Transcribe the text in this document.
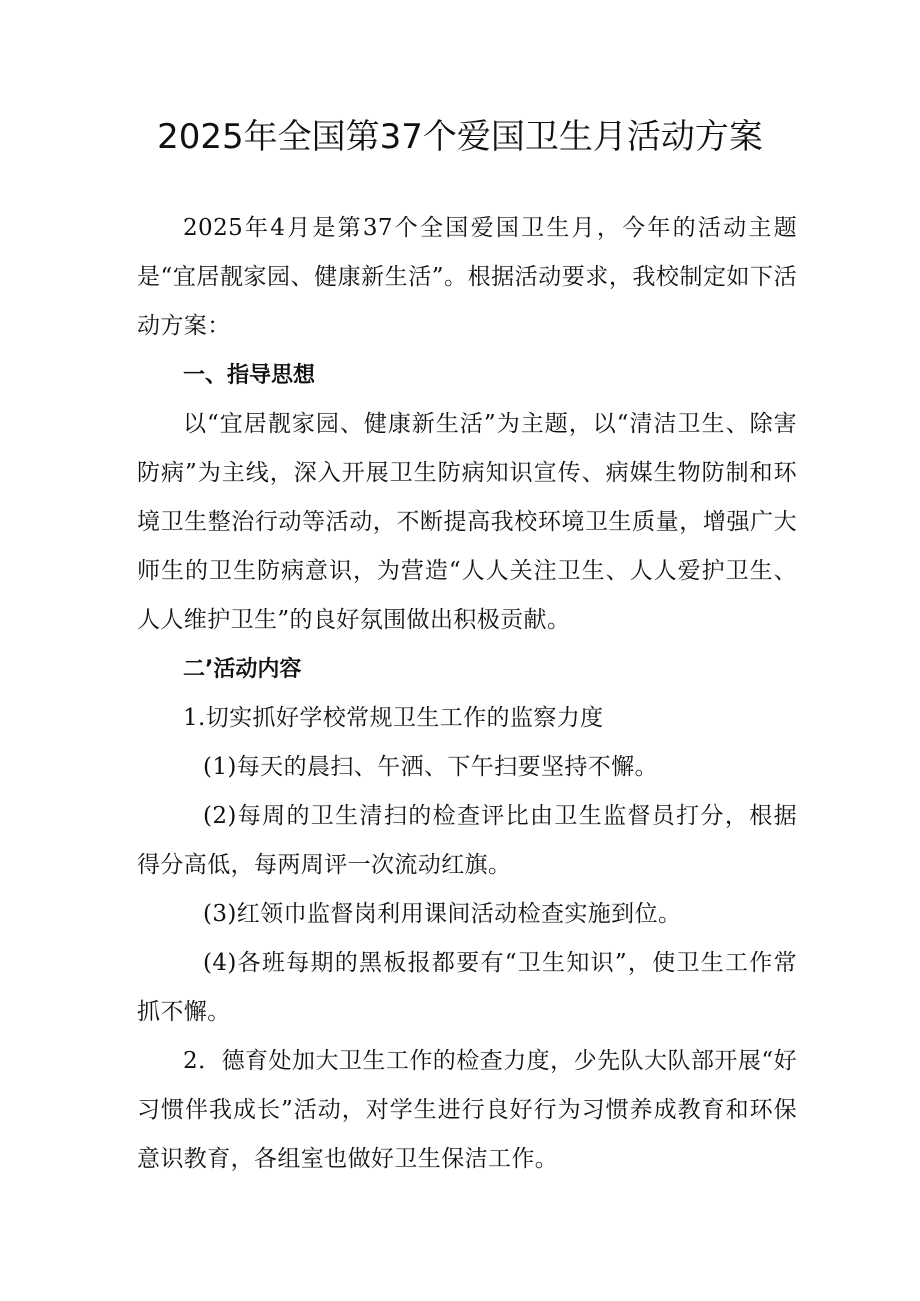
2025年全国第37个爱国卫生月活动方案

2025年4月是第37个全国爱国卫生月，今年的活动主题是“宜居靓家园、健康新生活”。根据活动要求，我校制定如下活动方案：

一、指导思想

以“宜居靓家园、健康新生活”为主题，以“清洁卫生、除害防病”为主线，深入开展卫生防病知识宣传、病媒生物防制和环境卫生整治行动等活动，不断提高我校环境卫生质量，增强广大师生的卫生防病意识，为营造“人人关注卫生、人人爱护卫生、人人维护卫生”的良好氛围做出积极贡献。

二’活动内容

1.切实抓好学校常规卫生工作的监察力度

(1)每天的晨扫、午洒、下午扫要坚持不懈。

(2)每周的卫生清扫的检查评比由卫生监督员打分，根据得分高低，每两周评一次流动红旗。

(3)红领巾监督岗利用课间活动检查实施到位。

(4)各班每期的黑板报都要有“卫生知识”，使卫生工作常抓不懈。

2．德育处加大卫生工作的检查力度，少先队大队部开展“好习惯伴我成长”活动，对学生进行良好行为习惯养成教育和环保意识教育，各组室也做好卫生保洁工作。
